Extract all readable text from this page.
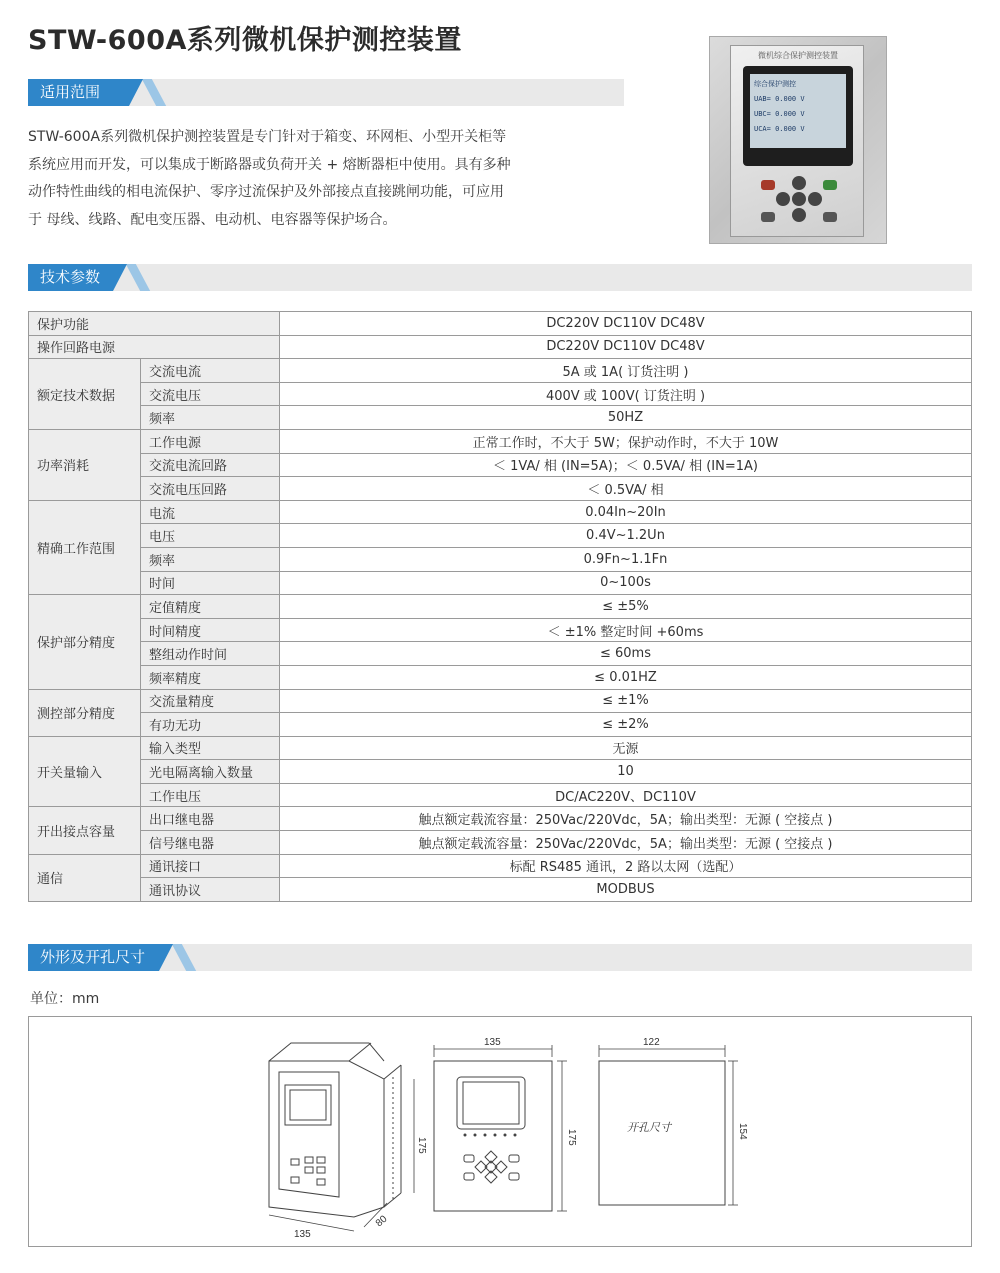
STW-600A系列微机保护测控装置
适用范围
STW-600A系列微机保护测控装置是专门针对于箱变、环网柜、小型开关柜等
系统应用而开发，可以集成于断路器或负荷开关 + 熔断器柜中使用。具有多种
动作特性曲线的相电流保护、零序过流保护及外部接点直接跳闸功能，可应用
于 母线、线路、配电变压器、电动机、电容器等保护场合。
微机综合保护测控装置
综合保护测控
UAB= 0.000 V
UBC= 0.000 V
UCA= 0.000 V
技术参数
保护功能		DC220V DC110V DC48V
操作回路电源		DC220V DC110V DC48V
额定技术数据	交流电流	5A 或 1A( 订货注明 )
	交流电压	400V 或 100V( 订货注明 )
	频率	50HZ
功率消耗	工作电源	正常工作时，不大于 5W；保护动作时，不大于 10W
	交流电流回路	＜ 1VA/ 相 (IN=5A)；＜ 0.5VA/ 相 (IN=1A)
	交流电压回路	＜ 0.5VA/ 相
精确工作范围	电流	0.04In~20In
	电压	0.4V~1.2Un
	频率	0.9Fn~1.1Fn
	时间	0~100s
保护部分精度	定值精度	≤ ±5%
	时间精度	＜ ±1% 整定时间 +60ms
	整组动作时间	≤ 60ms
	频率精度	≤ 0.01HZ
测控部分精度	交流量精度	≤ ±1%
	有功无功	≤ ±2%
开关量输入	输入类型	无源
	光电隔离输入数量	10
	工作电压	DC/AC220V、DC110V
开出接点容量	出口继电器	触点额定载流容量：250Vac/220Vdc，5A；输出类型：无源 ( 空接点 )
	信号继电器	触点额定载流容量：250Vac/220Vdc，5A；输出类型：无源 ( 空接点 )
通信	通讯接口	标配 RS485 通讯，2 路以太网（选配）
	通讯协议	MODBUS
外形及开孔尺寸
单位：mm
135
80
175
135
175
122
154
开孔尺寸
